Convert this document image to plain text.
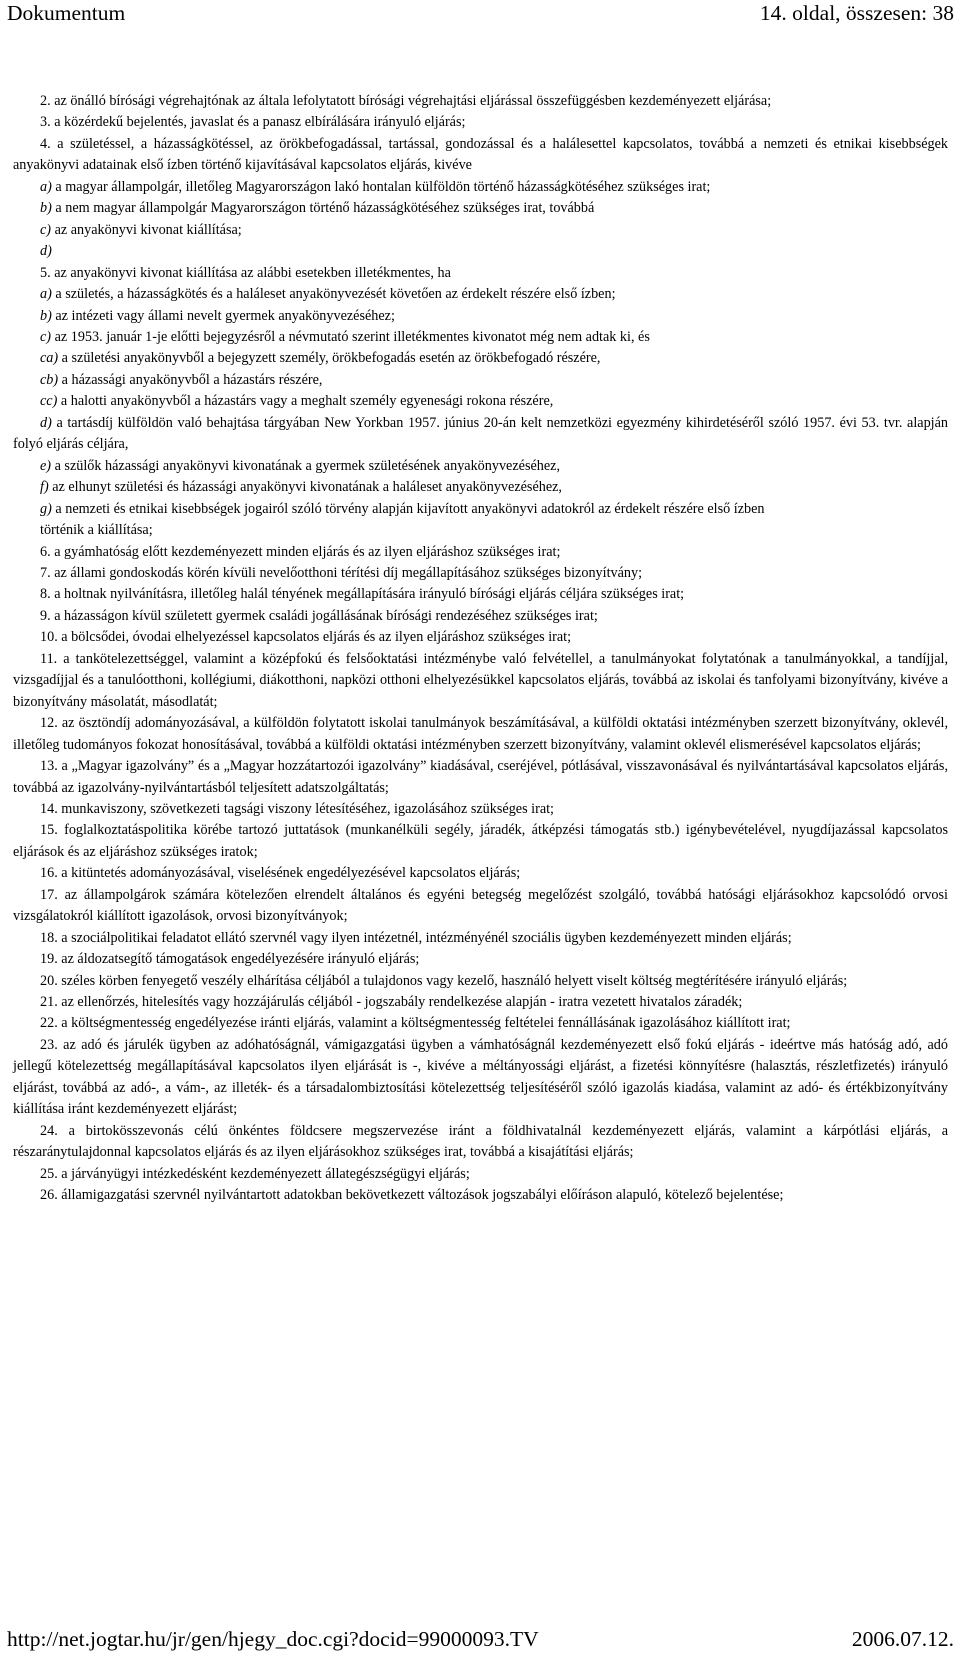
Dokumentum	14. oldal, összesen: 38

2. az önálló bírósági végrehajtónak az általa lefolytatott bírósági végrehajtási eljárással összefüggésben kezdeményezett eljárása;

3. a közérdekű bejelentés, javaslat és a panasz elbírálására irányuló eljárás;

4. a születéssel, a házasságkötéssel, az örökbefogadással, tartással, gondozással és a halálesettel kapcsolatos, továbbá a nemzeti és etnikai kisebbségek anyakönyvi adatainak első ízben történő kijavításával kapcsolatos eljárás, kivéve

a) a magyar állampolgár, illetőleg Magyarországon lakó hontalan külföldön történő házasságkötéséhez szükséges irat;

b) a nem magyar állampolgár Magyarországon történő házasságkötéséhez szükséges irat, továbbá

c) az anyakönyvi kivonat kiállítása;

d)

5. az anyakönyvi kivonat kiállítása az alábbi esetekben illetékmentes, ha

a) a születés, a házasságkötés és a haláleset anyakönyvezését követően az érdekelt részére első ízben;

b) az intézeti vagy állami nevelt gyermek anyakönyvezéséhez;

c) az 1953. január 1-je előtti bejegyzésről a névmutató szerint illetékmentes kivonatot még nem adtak ki, és

ca) a születési anyakönyvből a bejegyzett személy, örökbefogadás esetén az örökbefogadó részére,

cb) a házassági anyakönyvből a házastárs részére,

cc) a halotti anyakönyvből a házastárs vagy a meghalt személy egyenesági rokona részére,

d) a tartásdíj külföldön való behajtása tárgyában New Yorkban 1957. június 20-án kelt nemzetközi egyezmény kihirdetéséről szóló 1957. évi 53. tvr. alapján folyó eljárás céljára,

e) a szülők házassági anyakönyvi kivonatának a gyermek születésének anyakönyvezéséhez,

f) az elhunyt születési és házassági anyakönyvi kivonatának a haláleset anyakönyvezéséhez,

g) a nemzeti és etnikai kisebbségek jogairól szóló törvény alapján kijavított anyakönyvi adatokról az érdekelt részére első ízben

történik a kiállítása;

6. a gyámhatóság előtt kezdeményezett minden eljárás és az ilyen eljáráshoz szükséges irat;

7. az állami gondoskodás körén kívüli nevelőotthoni térítési díj megállapításához szükséges bizonyítvány;

8. a holtnak nyilvánításra, illetőleg halál tényének megállapítására irányuló bírósági eljárás céljára szükséges irat;

9. a házasságon kívül született gyermek családi jogállásának bírósági rendezéséhez szükséges irat;

10. a bölcsődei, óvodai elhelyezéssel kapcsolatos eljárás és az ilyen eljáráshoz szükséges irat;

11. a tankötelezettséggel, valamint a középfokú és felsőoktatási intézménybe való felvétellel, a tanulmányokat folytatónak a tanulmányokkal, a tandíjjal, vizsgadíjjal és a tanulóotthoni, kollégiumi, diákotthoni, napközi otthoni elhelyezésükkel kapcsolatos eljárás, továbbá az iskolai és tanfolyami bizonyítvány, kivéve a bizonyítvány másolatát, másodlatát;

12. az ösztöndíj adományozásával, a külföldön folytatott iskolai tanulmányok beszámításával, a külföldi oktatási intézményben szerzett bizonyítvány, oklevél, illetőleg tudományos fokozat honosításával, továbbá a külföldi oktatási intézményben szerzett bizonyítvány, valamint oklevél elismerésével kapcsolatos eljárás;

13. a „Magyar igazolvány” és a „Magyar hozzátartozói igazolvány” kiadásával, cseréjével, pótlásával, visszavonásával és nyilvántartásával kapcsolatos eljárás, továbbá az igazolvány-nyilvántartásból teljesített adatszolgáltatás;

14. munkaviszony, szövetkezeti tagsági viszony létesítéséhez, igazolásához szükséges irat;

15. foglalkoztatáspolitika körébe tartozó juttatások (munkanélküli segély, járadék, átképzési támogatás stb.) igénybevételével, nyugdíjazással kapcsolatos eljárások és az eljáráshoz szükséges iratok;

16. a kitüntetés adományozásával, viselésének engedélyezésével kapcsolatos eljárás;

17. az állampolgárok számára kötelezően elrendelt általános és egyéni betegség megelőzést szolgáló, továbbá hatósági eljárásokhoz kapcsolódó orvosi vizsgálatokról kiállított igazolások, orvosi bizonyítványok;

18. a szociálpolitikai feladatot ellátó szervnél vagy ilyen intézetnél, intézményénél szociális ügyben kezdeményezett minden eljárás;

19. az áldozatsegítő támogatások engedélyezésére irányuló eljárás;

20. széles körben fenyegető veszély elhárítása céljából a tulajdonos vagy kezelő, használó helyett viselt költség megtérítésére irányuló eljárás;

21. az ellenőrzés, hitelesítés vagy hozzájárulás céljából - jogszabály rendelkezése alapján - iratra vezetett hivatalos záradék;

22. a költségmentesség engedélyezése iránti eljárás, valamint a költségmentesség feltételei fennállásának igazolásához kiállított irat;

23. az adó és járulék ügyben az adóhatóságnál, vámigazgatási ügyben a vámhatóságnál kezdeményezett első fokú eljárás - ideértve más hatóság adó, adó jellegű kötelezettség megállapításával kapcsolatos ilyen eljárását is -, kivéve a méltányossági eljárást, a fizetési könnyítésre (halasztás, részletfizetés) irányuló eljárást, továbbá az adó-, a vám-, az illeték- és a társadalombiztosítási kötelezettség teljesítéséről szóló igazolás kiadása, valamint az adó- és értékbizonyítvány kiállítása iránt kezdeményezett eljárást;

24. a birtokösszevonás célú önkéntes földcsere megszervezése iránt a földhivatalnál kezdeményezett eljárás, valamint a kárpótlási eljárás, a részaránytulajdonnal kapcsolatos eljárás és az ilyen eljárásokhoz szükséges irat, továbbá a kisajátítási eljárás;

25. a járványügyi intézkedésként kezdeményezett állategészségügyi eljárás;

26. államigazgatási szervnél nyilvántartott adatokban bekövetkezett változások jogszabályi előíráson alapuló, kötelező bejelentése;

http://net.jogtar.hu/jr/gen/hjegy_doc.cgi?docid=99000093.TV	2006.07.12.
